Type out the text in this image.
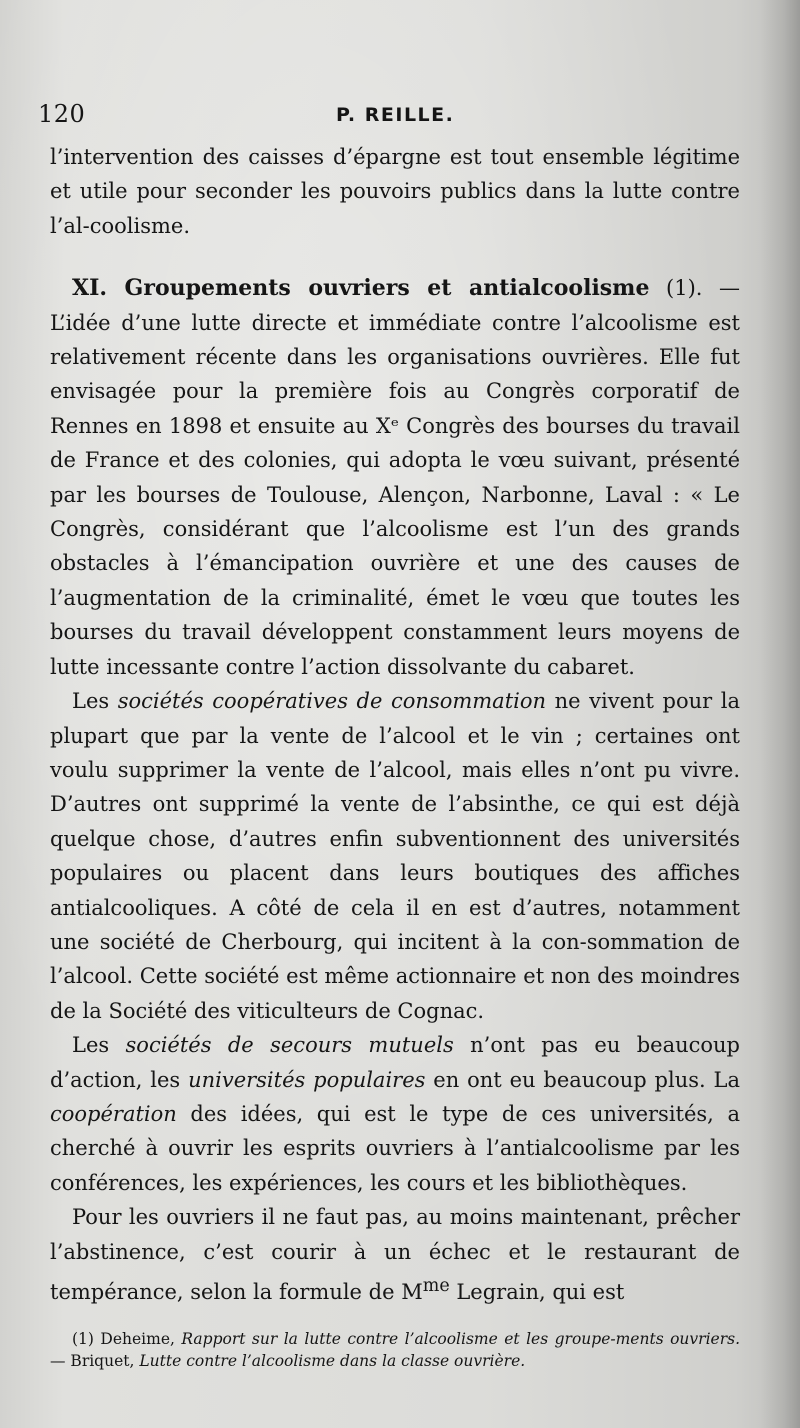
120	P. REILLE.

l’intervention des caisses d’épargne est tout ensemble légitime et utile pour seconder les pouvoirs publics dans la lutte contre l’al-coolisme.

XI. Groupements ouvriers et antialcoolisme (1). — L’idée d’une lutte directe et immédiate contre l’alcoolisme est relativement récente dans les organisations ouvrières. Elle fut envisagée pour la première fois au Congrès corporatif de Rennes en 1898 et ensuite au Xᵉ Congrès des bourses du travail de France et des colonies, qui adopta le vœu suivant, présenté par les bourses de Toulouse, Alençon, Narbonne, Laval : « Le Congrès, considérant que l’alcoolisme est l’un des grands obstacles à l’émancipation ouvrière et une des causes de l’augmentation de la criminalité, émet le vœu que toutes les bourses du travail développent constamment leurs moyens de lutte incessante contre l’action dissolvante du cabaret.

Les sociétés coopératives de consommation ne vivent pour la plupart que par la vente de l’alcool et le vin ; certaines ont voulu supprimer la vente de l’alcool, mais elles n’ont pu vivre. D’autres ont supprimé la vente de l’absinthe, ce qui est déjà quelque chose, d’autres enfin subventionnent des universités populaires ou placent dans leurs boutiques des affiches antialcooliques. A côté de cela il en est d’autres, notamment une société de Cherbourg, qui incitent à la con-sommation de l’alcool. Cette société est même actionnaire et non des moindres de la Société des viticulteurs de Cognac.

Les sociétés de secours mutuels n’ont pas eu beaucoup d’action, les universités populaires en ont eu beaucoup plus. La coopération des idées, qui est le type de ces universités, a cherché à ouvrir les esprits ouvriers à l’antialcoolisme par les conférences, les expériences, les cours et les bibliothèques.

Pour les ouvriers il ne faut pas, au moins maintenant, prêcher l’abstinence, c’est courir à un échec et le restaurant de tempérance, selon la formule de $M^{me}$ Legrain, qui est

(1) Deheime, Rapport sur la lutte contre l’alcoolisme et les groupe-ments ouvriers. — Briquet, Lutte contre l’alcoolisme dans la classe ouvrière.
